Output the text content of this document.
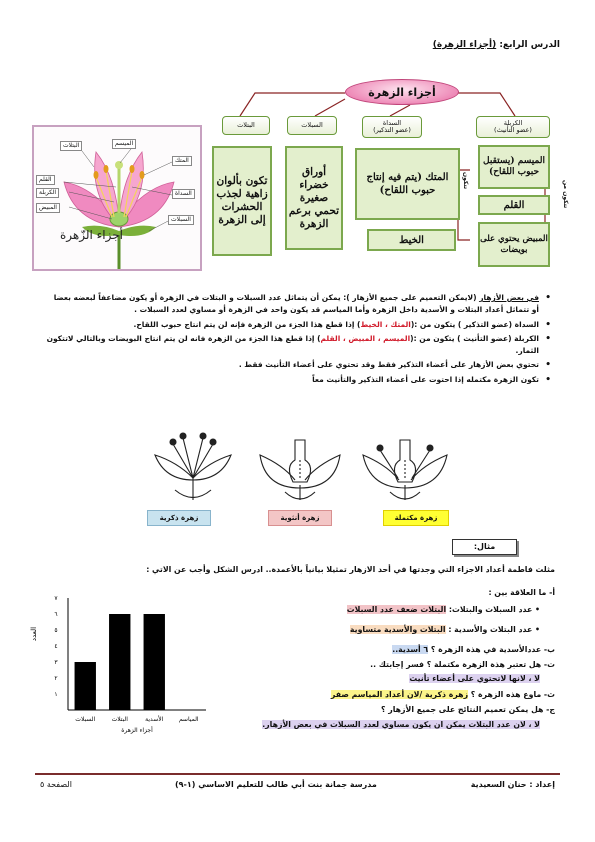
الدرس الرابع: (أجزاء الزهرة)
أجزاء الزهرة
البتلات	السبلات	السداة
(عضو التذكير)
الكربلة
(عضو التأنيث)
تكون بألوان زاهية لجذب الحشرات إلى الزهرة
أوراق خضراء صغيرة تحمي برعم الزهرة
المتك (يتم فيه إنتاج حبوب اللقاح)
الخيط
الميسم (يستقبل حبوب اللقاح)
القلم
المبيض يحتوي على بويضات
تتكون	تتكون من
البتلات	الميسم
المتك
القلم
الكربلة
المبيض
السداة
السبلات
أجزاء الزّهرة
• في بعض الأزهار (لايمكن التعميم على جميع الأزهار ): يمكن أن يتماثل عدد السبلات و البتلات في الزهرة أو يكون مضاعفاً لبعضه بعضا أو تتماثل أعداد البتلات و الأسدية داخل الزهرة وأما المياسم قد يكون واحد في الزهرة أو مساوي لعدد السبلات .
• السداة (عضو التذكير ) يتكون من :(المتك ، الخيط) إذا قطع هذا الجزء من الزهرة فإنه لن يتم انتاج حبوب اللقاح.
• الكربلة (عضو التأنيث ) يتكون من :(الميسم ، المبيض ، القلم) إذا قطع هذا الجزء من الزهرة فانه لن يتم انتاج البويضات وبالتالي لاتتكون الثمار.
• تحتوي بعض الأزهار على أعضاء التذكير فقط وقد تحتوي على أعضاء التأنيث فقط .
• تكون الزهرة مكتمله إذا احتوت على أعضاء التذكير والتأنيث معاً
زهرة مكتملة
زهرة أنثوية
زهرة ذكرية
مثال:
مثلت فاطمة أعداد الاجزاء التي وجدتها في أحد الازهار تمثيلا بيانياً بالأعمدة.. ادرس الشكل وأجب عن الاتي :
أ- ما العلاقة بين :
• عدد السبلات والبتلات: البتلات ضعف عدد السبلات
• عدد البتلات والأسدية : البتلات والأسدية متساوية
ب- عددالأسدية في هذة الزهرة ؟ ٦ أسدية..
ت- هل تعتبر هذة الزهرة مكتملة ؟ فسر إجابتك ..
لا ، لانها لاتحتوي على أعضاء تأنيث
ث- ماوع هذه الزهرة ؟ زهرة ذكرية /لان أعداد المياسم صفر
ج- هل يمكن تعميم النتائج على جميع الأزهار ؟
لا ، لان عدد البتلات يمكن ان يكون مساوي لعدد السبلات في بعض الأزهار.
١
٢
٣
٤
٥
٦
٧
السبلات	البتلات	الأسدية	المياسم
أجزاء الزهرة
العدد
إعداد : حنان السعيدية
مدرسة جمانة بنت أبي طالب للتعليم الاساسي (١-٩)
الصفحة ٥
